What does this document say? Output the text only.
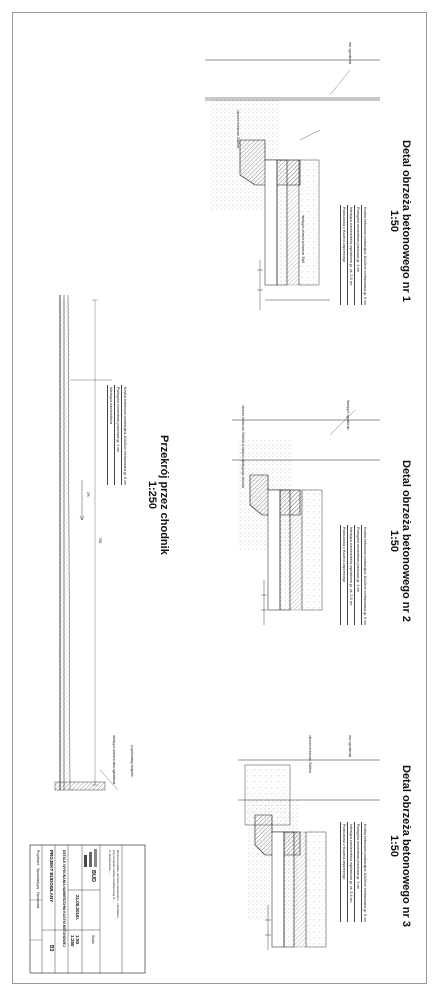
Detal obrzeża betonowego nr 1
1:50
Kostka betonowa prostokątna 10x20cm niefazowana gr. 6 cm
Podsypka cementowo-piaskowa gr. 4 cm
Istniejąca nawierzchnia wykładowa gr. ok. 5-6 cm
Podbudowa z tłucznia wapiennego
obrzeże betonowe 30x8cm
istniejąca obrzeże betonowe 30x8
mur ogrodzenia
Detal obrzeża betonowego nr 2
1:50
Kostka betonowa prostokątna 10x20cm niefazowana gr. 6 cm
Podsypka cementowo-piaskowa gr. 4 cm
Istniejąca nawierzchnia wykładowa gr. ok. 5-6 cm
Podbudowa z tłucznia wapiennego
obrzeże betonowe 30x8cm w miejscu istniejącego obrzeża	istniejące ogrodzenie
Detal obrzeża betonowego nr 3
1:50
Kostka betonowa prostokątna 10x20cm niefazowana gr. 6 cm
Podsypka cementowo-piaskowa gr. 4 cm
Istniejąca nawierzchnia wykładowa gr. ok. 5-6 cm
Podbudowa z tłucznia wapiennego
obrzeże betonowe 30x8cm	mur ogrodzenia
Przekrój przez chodnik
1:250
Kostka betonowa prostokątna 10x20cm niefazowana gr. 6 cm
Podsypka cementowo-piaskowa gr. 4 cm
Istniejąca nawierzchnia
2%
500
projektowany budynek
istniejąca nawierzchnia wykładowa
BUD	Remont projektu remontu nawierzchni - chodników
przy budynku Szkoły Podstawowej nr ...
w miejscowości ...
DETALE WYKONANIA NAWIERZCHNI KOSTKI BETONOWEJ
PROJEKT BUDOWLANY
21.05.2016r.
Skala
1:50
1:250
B3
Projektant   Sprawdzający   Opracował
